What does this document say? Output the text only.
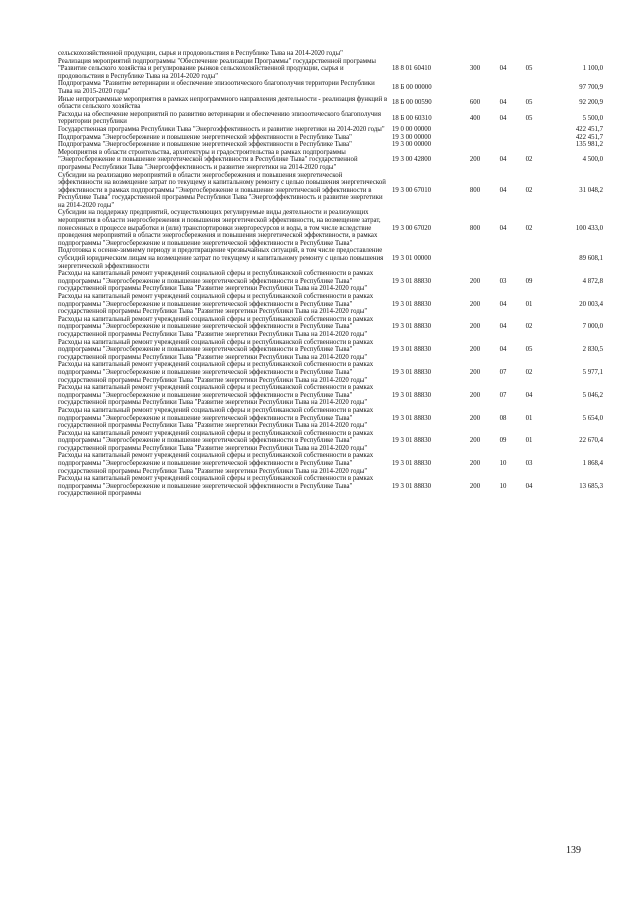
сельскохозяйственной продукции, сырья и продовольствия в Республике Тыва на 2014-2020 годы"					
Реализация мероприятий подпрограммы "Обеспечение реализации Программы" государственной программы "Развитие сельского хозяйства и регулирование рынков сельскохозяйственной продукции, сырья и продовольствия в Республике Тыва на 2014-2020 годы"	18 8 01 60410	300	04	05	1 100,0
Подпрограмма "Развитие ветеринарии и обеспечение эпизоотического благополучия территории Республики Тыва на 2015-2020 годы"	18 Б 00 00000				97 700,9
Иные непрограммные мероприятия в рамках непрограммного направления деятельности - реализация функций в области сельского хозяйства	18 Б 00 00590	600	04	05	92 200,9
Расходы на обеспечение мероприятий по развитию ветеринарии и обеспечению эпизоотического благополучия территории республики	18 Б 00 60310	400	04	05	5 500,0
Государственная программа Республики Тыва "Энергоэффективность и развитие энергетики на 2014-2020 годы"	19 0 00 00000				422 451,7
Подпрограмма "Энергосбережение и повышение энергетической эффективности в Республике Тыва"	19 3 00 00000				422 451,7
Подпрограмма "Энергосбережение и повышение энергетической эффективности в Республике Тыва"	19 3 00 00000				135 981,2
Мероприятия в области строительства, архитектуры и градостроительства в рамках подпрограммы "Энергосбережение и повышение энергетической эффективности в Республике Тыва" государственной программы Республики Тыва "Энергоэффективность и развитие энергетики на 2014-2020 годы"	19 3 00 42800	200	04	02	4 500,0
Субсидии на реализацию мероприятий в области энергосбережения и повышения энергетической эффективности на возмещение затрат по текущему и капитальному ремонту с целью повышения энергетической эффективности в рамках подпрограммы "Энергосбережение и повышение энергетической эффективности в Республике Тыва" государственной программы Республики Тыва "Энергоэффективность и развитие энергетики на 2014-2020 годы"	19 3 00 67010	800	04	02	31 048,2
Субсидии на поддержку предприятий, осуществляющих регулируемые виды деятельности и реализующих мероприятия в области энергосбережения и повышения энергетической эффективности, на возмещение затрат, понесенных в процессе выработки и (или) транспортировки энергоресурсов и воды, в том числе вследствие проведения мероприятий в области энергосбережения и повышения энергетической эффективности, в рамках подпрограммы "Энергосбережение и повышение энергетической эффективности в Республике Тыва"	19 3 00 67020	800	04	02	100 433,0
Подготовка к осенне-зимнему периоду и предотвращение чрезвычайных ситуаций, в том числе предоставление субсидий юридическим лицам на возмещение затрат по текущему и капитальному ремонту с целью повышения энергетической эффективности	19 3 01 00000				89 608,1
Расходы на капитальный ремонт учреждений социальной сферы и республиканской собственности в рамках подпрограммы "Энергосбережение и повышение энергетической эффективности в Республике Тыва" государственной программы Республики Тыва "Развитие энергетики Республики Тыва на 2014-2020 годы"	19 3 01 88830	200	03	09	4 872,8
Расходы на капитальный ремонт учреждений социальной сферы и республиканской собственности в рамках подпрограммы "Энергосбережение и повышение энергетической эффективности в Республике Тыва" государственной программы Республики Тыва "Развитие энергетики Республики Тыва на 2014-2020 годы"	19 3 01 88830	200	04	01	20 003,4
Расходы на капитальный ремонт учреждений социальной сферы и республиканской собственности в рамках подпрограммы "Энергосбережение и повышение энергетической эффективности в Республике Тыва" государственной программы Республики Тыва "Развитие энергетики Республики Тыва на 2014-2020 годы"	19 3 01 88830	200	04	02	7 000,0
Расходы на капитальный ремонт учреждений социальной сферы и республиканской собственности в рамках подпрограммы "Энергосбережение и повышение энергетической эффективности в Республике Тыва" государственной программы Республики Тыва "Развитие энергетики Республики Тыва на 2014-2020 годы"	19 3 01 88830	200	04	05	2 830,5
Расходы на капитальный ремонт учреждений социальной сферы и республиканской собственности в рамках подпрограммы "Энергосбережение и повышение энергетической эффективности в Республике Тыва" государственной программы Республики Тыва "Развитие энергетики Республики Тыва на 2014-2020 годы"	19 3 01 88830	200	07	02	5 977,1
Расходы на капитальный ремонт учреждений социальной сферы и республиканской собственности в рамках подпрограммы "Энергосбережение и повышение энергетической эффективности в Республике Тыва" государственной программы Республики Тыва "Развитие энергетики Республики Тыва на 2014-2020 годы"	19 3 01 88830	200	07	04	5 046,2
Расходы на капитальный ремонт учреждений социальной сферы и республиканской собственности в рамках подпрограммы "Энергосбережение и повышение энергетической эффективности в Республике Тыва" государственной программы Республики Тыва "Развитие энергетики Республики Тыва на 2014-2020 годы"	19 3 01 88830	200	08	01	5 654,0
Расходы на капитальный ремонт учреждений социальной сферы и республиканской собственности в рамках подпрограммы "Энергосбережение и повышение энергетической эффективности в Республике Тыва" государственной программы Республики Тыва "Развитие энергетики Республики Тыва на 2014-2020 годы"	19 3 01 88830	200	09	01	22 670,4
Расходы на капитальный ремонт учреждений социальной сферы и республиканской собственности в рамках подпрограммы "Энергосбережение и повышение энергетической эффективности в Республике Тыва" государственной программы Республики Тыва "Развитие энергетики Республики Тыва на 2014-2020 годы"	19 3 01 88830	200	10	03	1 868,4
Расходы на капитальный ремонт учреждений социальной сферы и республиканской собственности в рамках подпрограммы "Энергосбережение и повышение энергетической эффективности в Республике Тыва" государственной программы	19 3 01 88830	200	10	04	13 685,3
139
